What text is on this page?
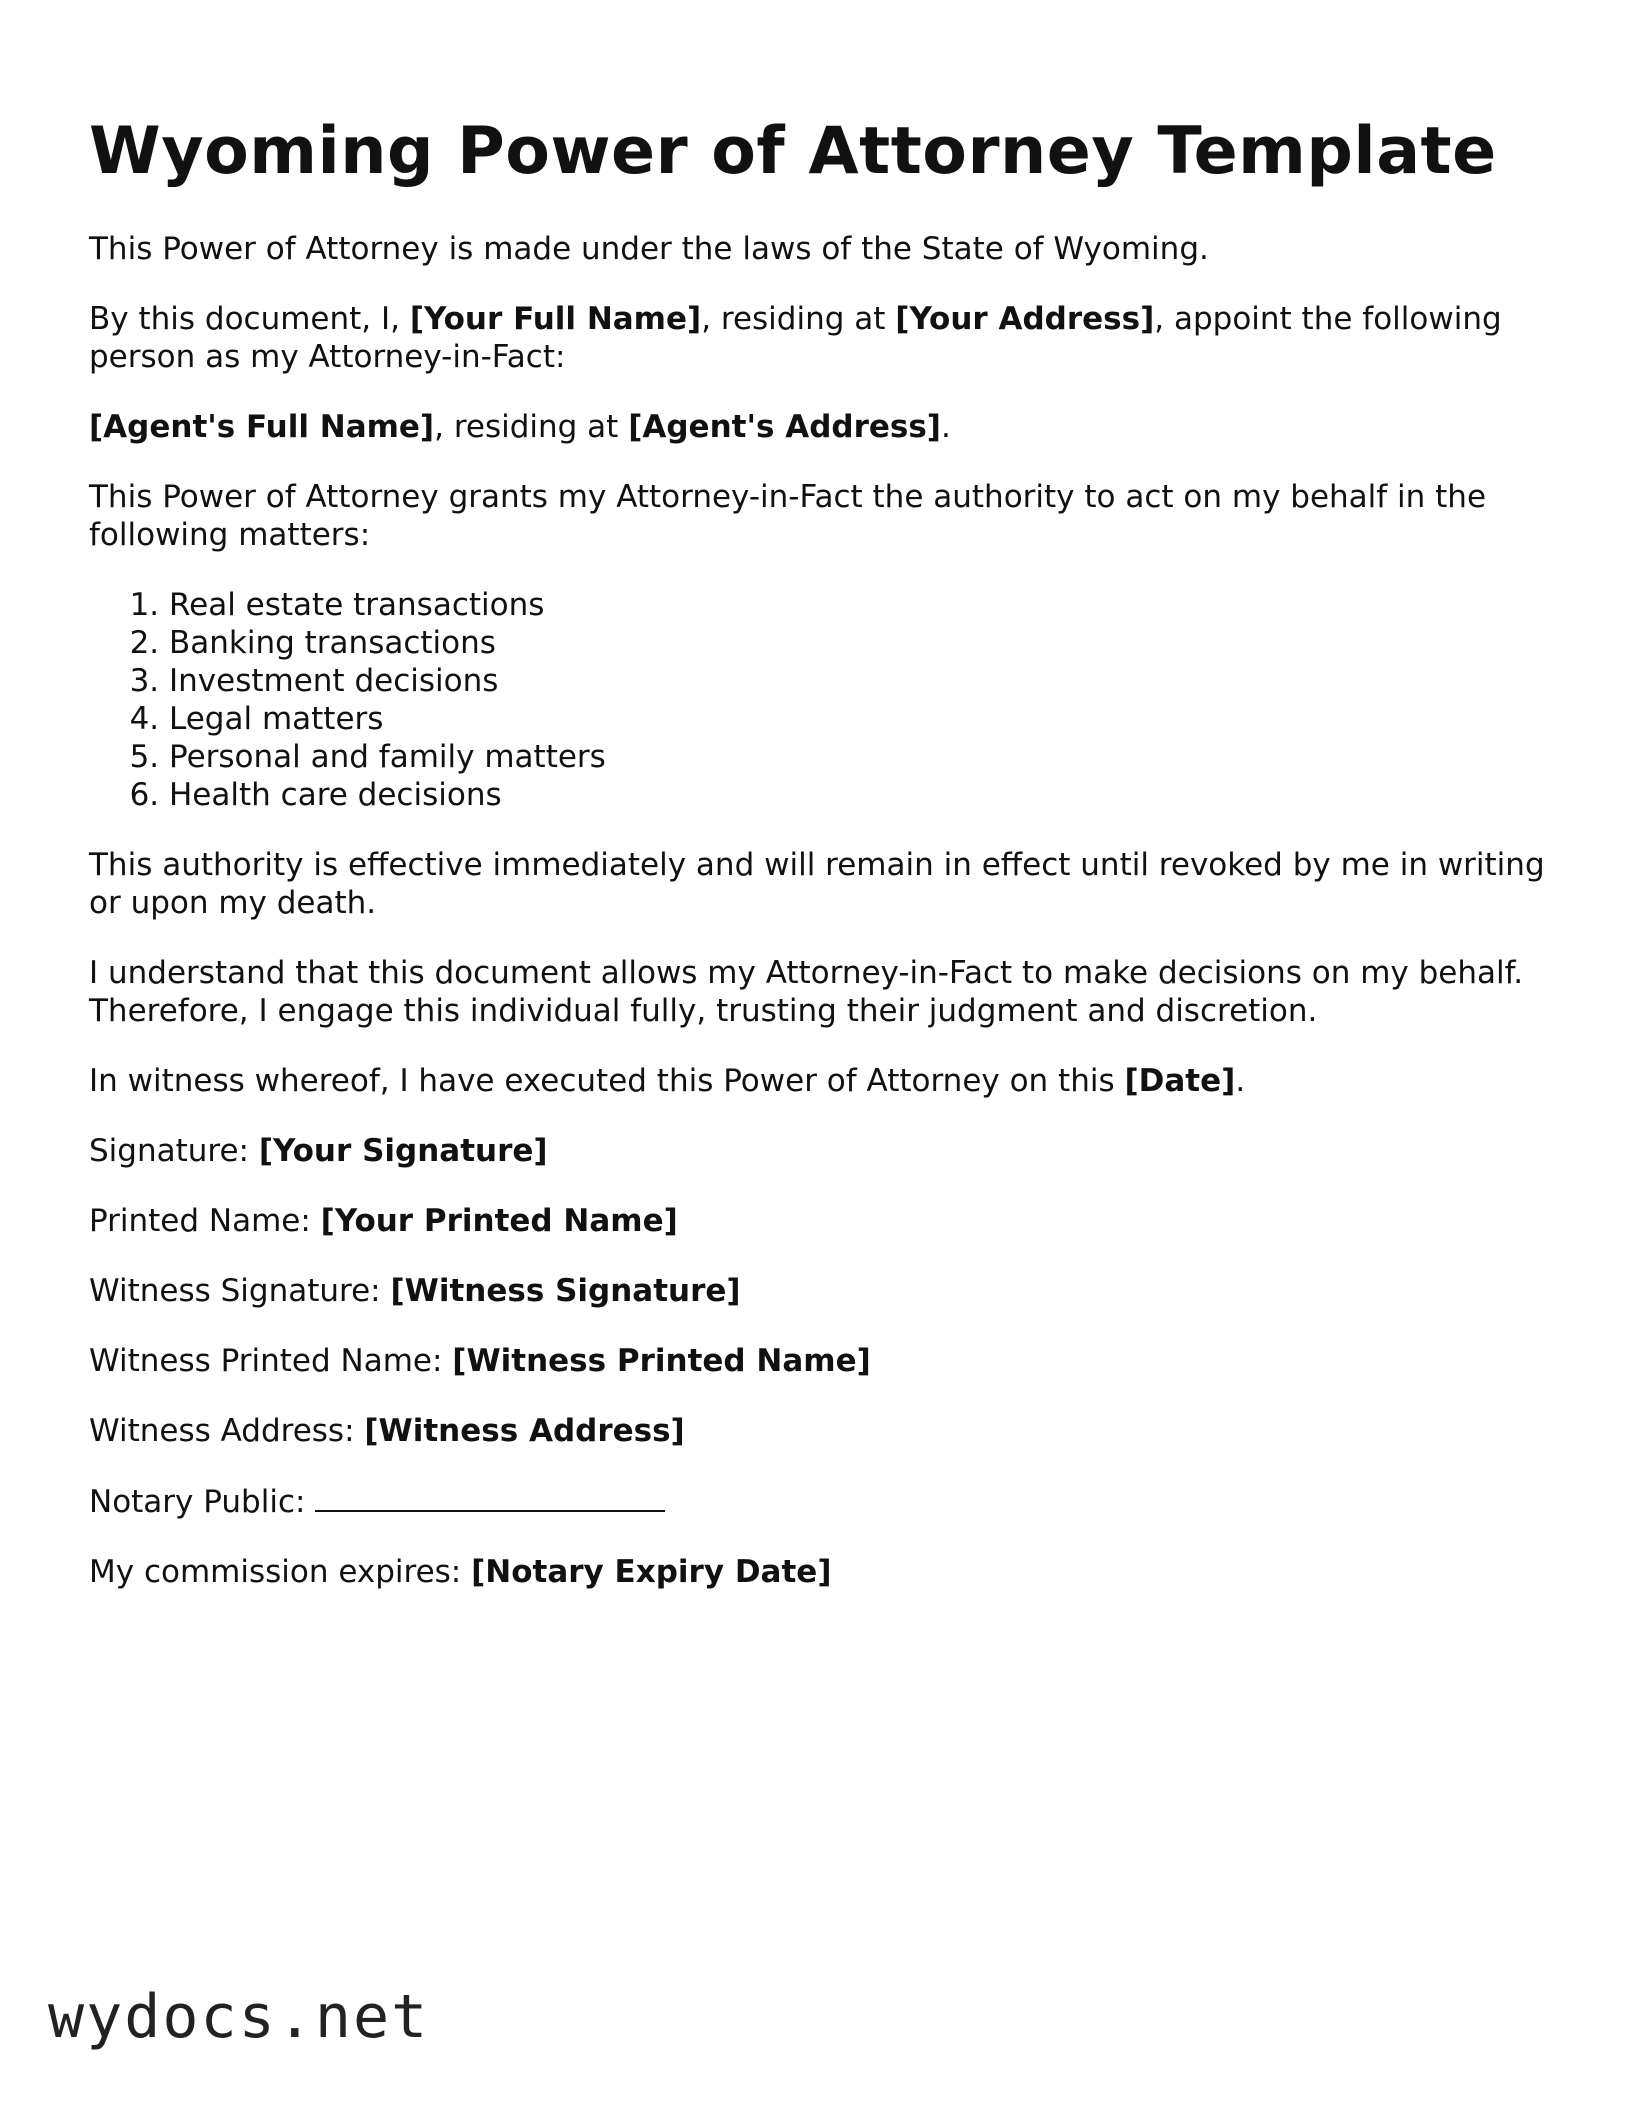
Wyoming Power of Attorney Template

This Power of Attorney is made under the laws of the State of Wyoming.

By this document, I, [Your Full Name], residing at [Your Address], appoint the following person as my Attorney-in-Fact:

[Agent's Full Name], residing at [Agent's Address].

This Power of Attorney grants my Attorney-in-Fact the authority to act on my behalf in the following matters:

1. Real estate transactions
2. Banking transactions
3. Investment decisions
4. Legal matters
5. Personal and family matters
6. Health care decisions

This authority is effective immediately and will remain in effect until revoked by me in writing or upon my death.

I understand that this document allows my Attorney-in-Fact to make decisions on my behalf. Therefore, I engage this individual fully, trusting their judgment and discretion.

In witness whereof, I have executed this Power of Attorney on this [Date].

Signature: [Your Signature]

Printed Name: [Your Printed Name]

Witness Signature: [Witness Signature]

Witness Printed Name: [Witness Printed Name]

Witness Address: [Witness Address]

Notary Public:

My commission expires: [Notary Expiry Date]

wydocs.net
